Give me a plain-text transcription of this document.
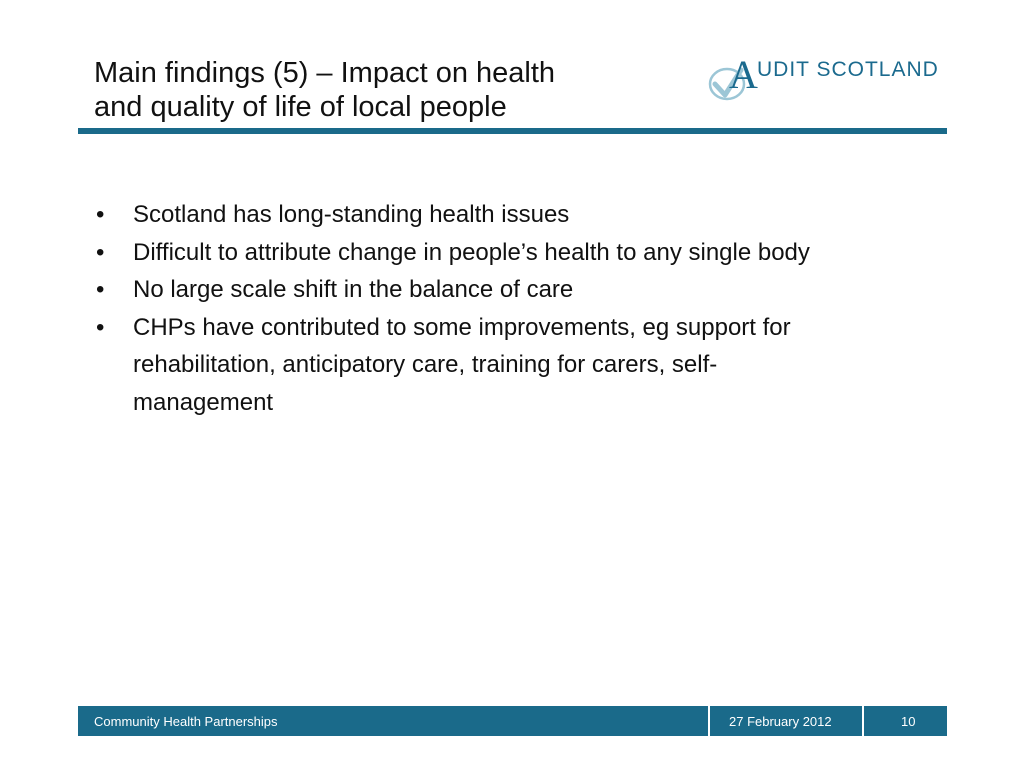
Main findings (5) – Impact on health
and quality of life of local people
A UDIT SCOTLAND
• Scotland has long-standing health issues
• Difficult to attribute change in people’s health to any single body
• No large scale shift in the balance of care
• CHPs have contributed to some improvements, eg support for rehabilitation, anticipatory care, training for carers, self-management
Community Health Partnerships	27 February 2012	10
